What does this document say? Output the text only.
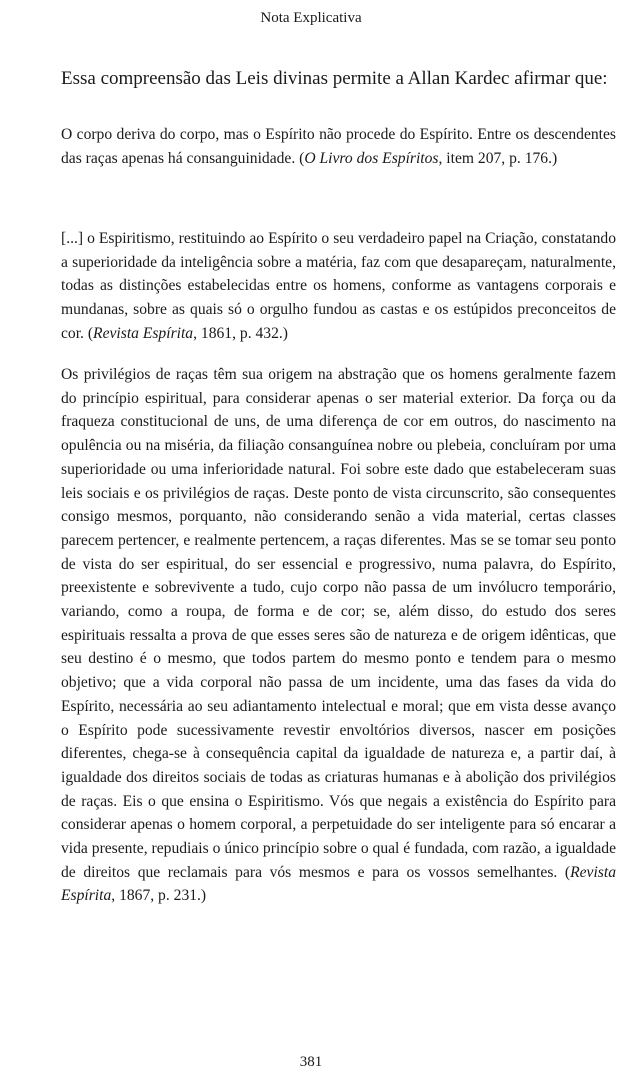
Nota Explicativa

Essa compreensão das Leis divinas permite a Allan Kardec afirmar que:

O corpo deriva do corpo, mas o Espírito não procede do Espírito. Entre os descendentes das raças apenas há consanguinidade. (O Livro dos Espíritos, item 207, p. 176.)

[...] o Espiritismo, restituindo ao Espírito o seu verdadeiro papel na Criação, constatando a superioridade da inteligência sobre a matéria, faz com que desapareçam, naturalmente, todas as distinções estabelecidas entre os homens, conforme as vantagens corporais e mundanas, sobre as quais só o orgulho fundou as castas e os estúpidos preconceitos de cor. (Revista Espírita, 1861, p. 432.)

Os privilégios de raças têm sua origem na abstração que os homens geralmente fazem do princípio espiritual, para considerar apenas o ser material exterior. Da força ou da fraqueza constitucional de uns, de uma diferença de cor em outros, do nascimento na opulência ou na miséria, da filiação consanguínea nobre ou plebeia, concluíram por uma superioridade ou uma inferioridade natural. Foi sobre este dado que estabeleceram suas leis sociais e os privilégios de raças. Deste ponto de vista circunscrito, são consequentes consigo mesmos, porquanto, não considerando senão a vida material, certas classes parecem pertencer, e realmente pertencem, a raças diferentes. Mas se se tomar seu ponto de vista do ser espiritual, do ser essencial e progressivo, numa palavra, do Espírito, preexistente e sobrevivente a tudo, cujo corpo não passa de um invólucro temporário, variando, como a roupa, de forma e de cor; se, além disso, do estudo dos seres espirituais ressalta a prova de que esses seres são de natureza e de origem idênticas, que seu destino é o mesmo, que todos partem do mesmo ponto e tendem para o mesmo objetivo; que a vida corporal não passa de um incidente, uma das fases da vida do Espírito, necessária ao seu adiantamento intelectual e moral; que em vista desse avanço o Espírito pode sucessivamente revestir envoltórios diversos, nascer em posições diferentes, chega-se à consequência capital da igualdade de natureza e, a partir daí, à igualdade dos direitos sociais de todas as criaturas humanas e à abolição dos privilégios de raças. Eis o que ensina o Espiritismo. Vós que negais a existência do Espírito para considerar apenas o homem corporal, a perpetuidade do ser inteligente para só encarar a vida presente, repudiais o único princípio sobre o qual é fundada, com razão, a igualdade de direitos que reclamais para vós mesmos e para os vossos semelhantes. (Revista Espírita, 1867, p. 231.)

381
